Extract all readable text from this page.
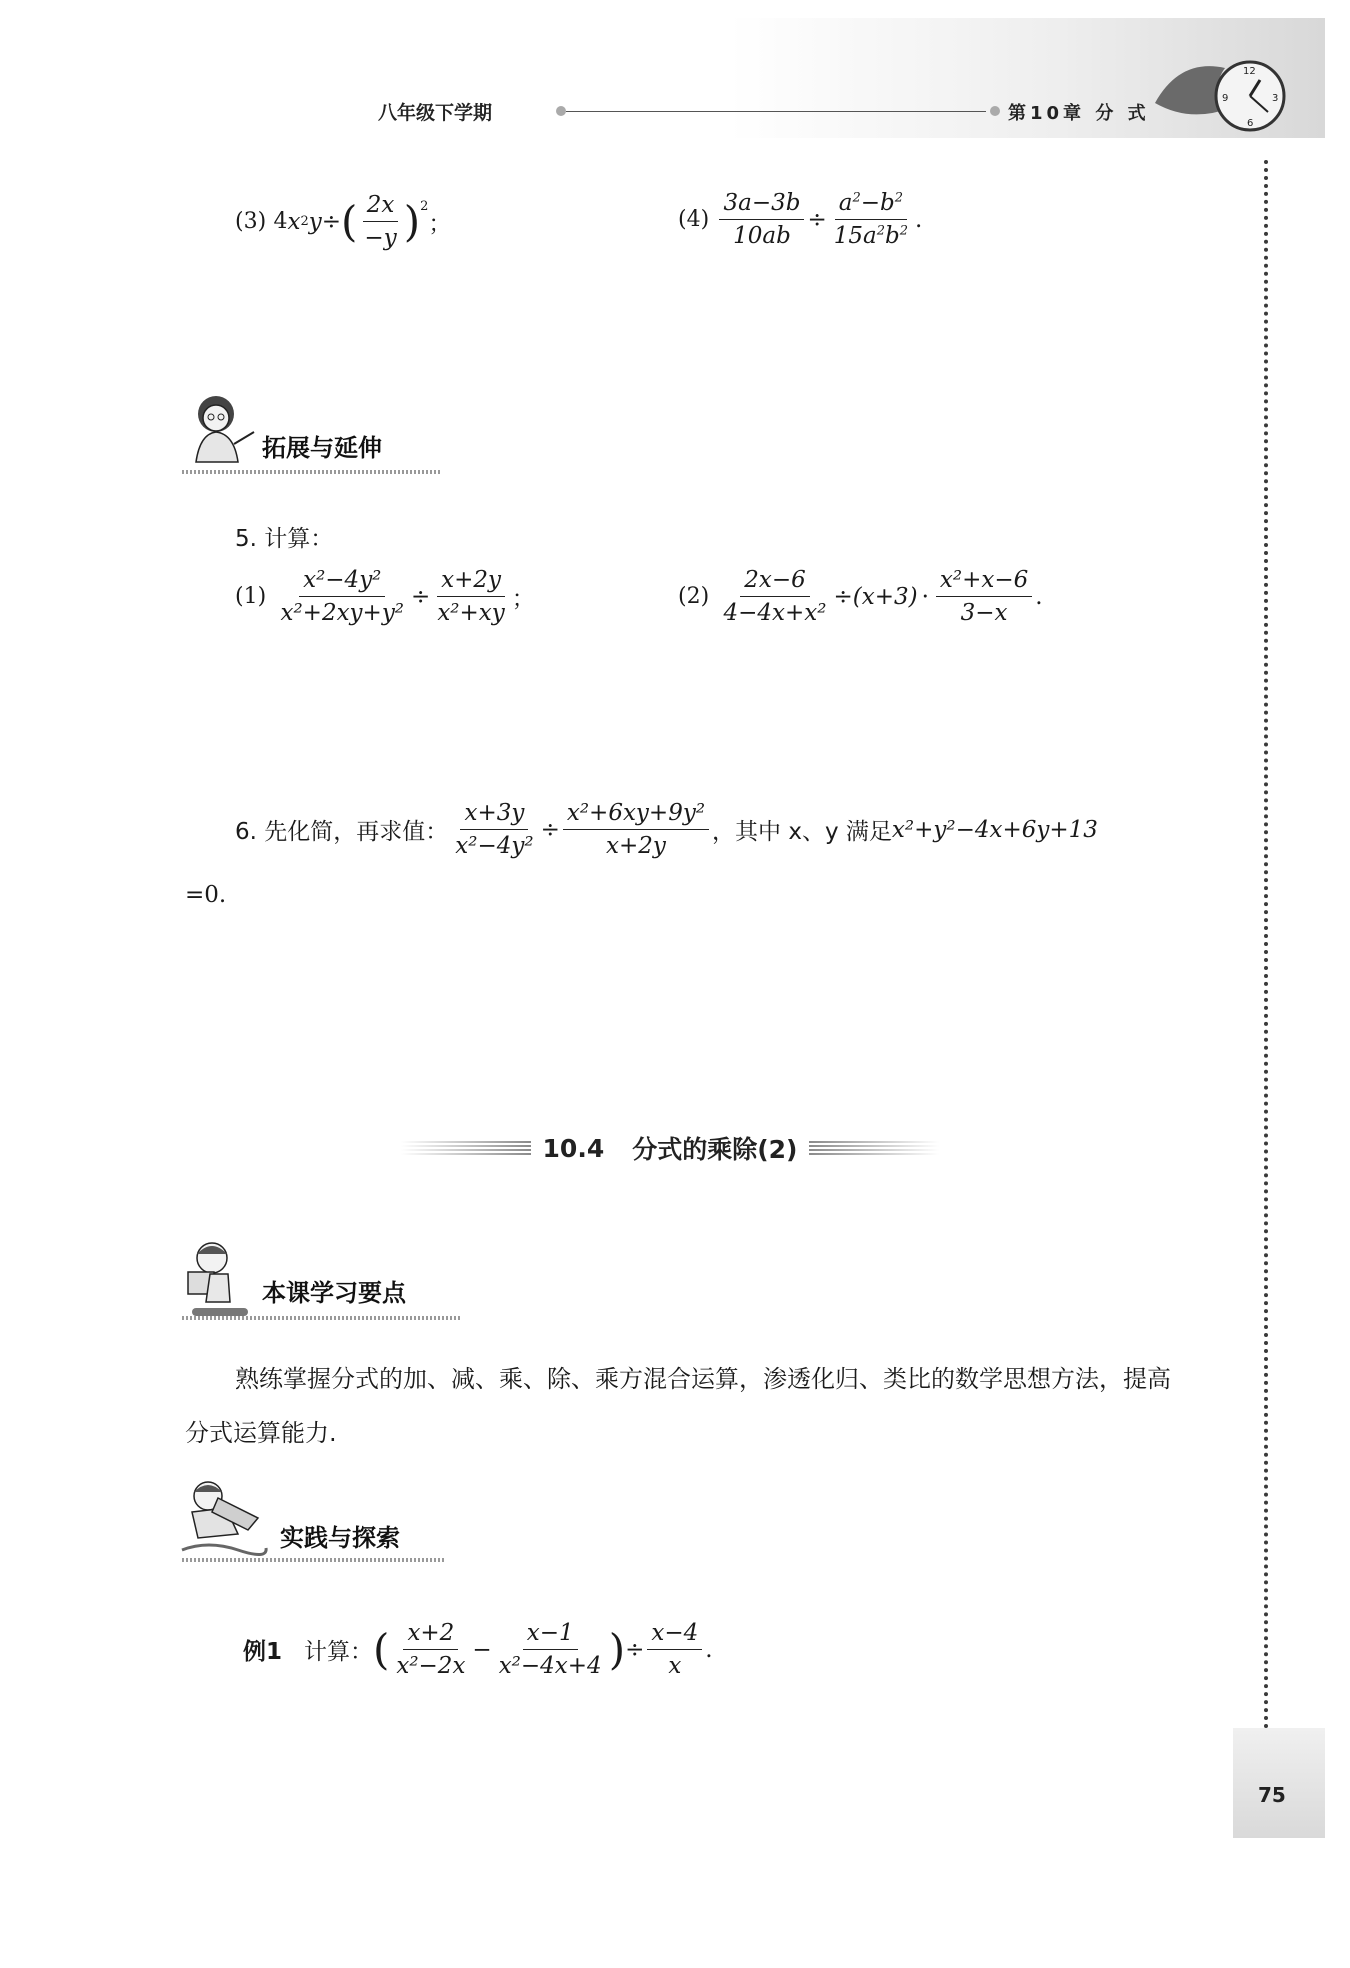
八年级下学期	第10章 分 式
12
9	3
6
(3)
4 x 2 y ÷ ( $\frac{2x}{-y} )^2$
；	(4)
$\frac{3a-3b}{10ab} \div \frac{a^2-b^2}{15a^2b^2}$ .
拓展与延伸
5. 计算：
(1)
$\frac{\text{x²−4y²}}{\text{x²+2xy+y²}} \div \frac{x+2y}{\text{x²+xy}}$ ；	(2)
$\frac{2x-6}{\text{4−4x+x²}} \div (x+3) \cdot \frac{\text{x²+x−6}}{3-x}$ .
6. 先化简，再求值： $\frac{x+3y}{\text{x²−4y²}} \div \frac{\text{x²+6xy+9y²}}{x+2y}$ ，其中 x、y 满足 x²+y²−4x+6y+13
=0.
10.4 分式的乘除(2)
本课学习要点
熟练掌握分式的加、减、乘、除、乘方混合运算，渗透化归、类比的数学思想方法，提高
分式运算能力.
实践与探索
例1
计算： ( $\frac{x+2}{\text{x²−2x}} - \frac{x-1}{\text{x²−4x+4}}$ ) ÷ $\frac{x-4}{x}$ .
75
